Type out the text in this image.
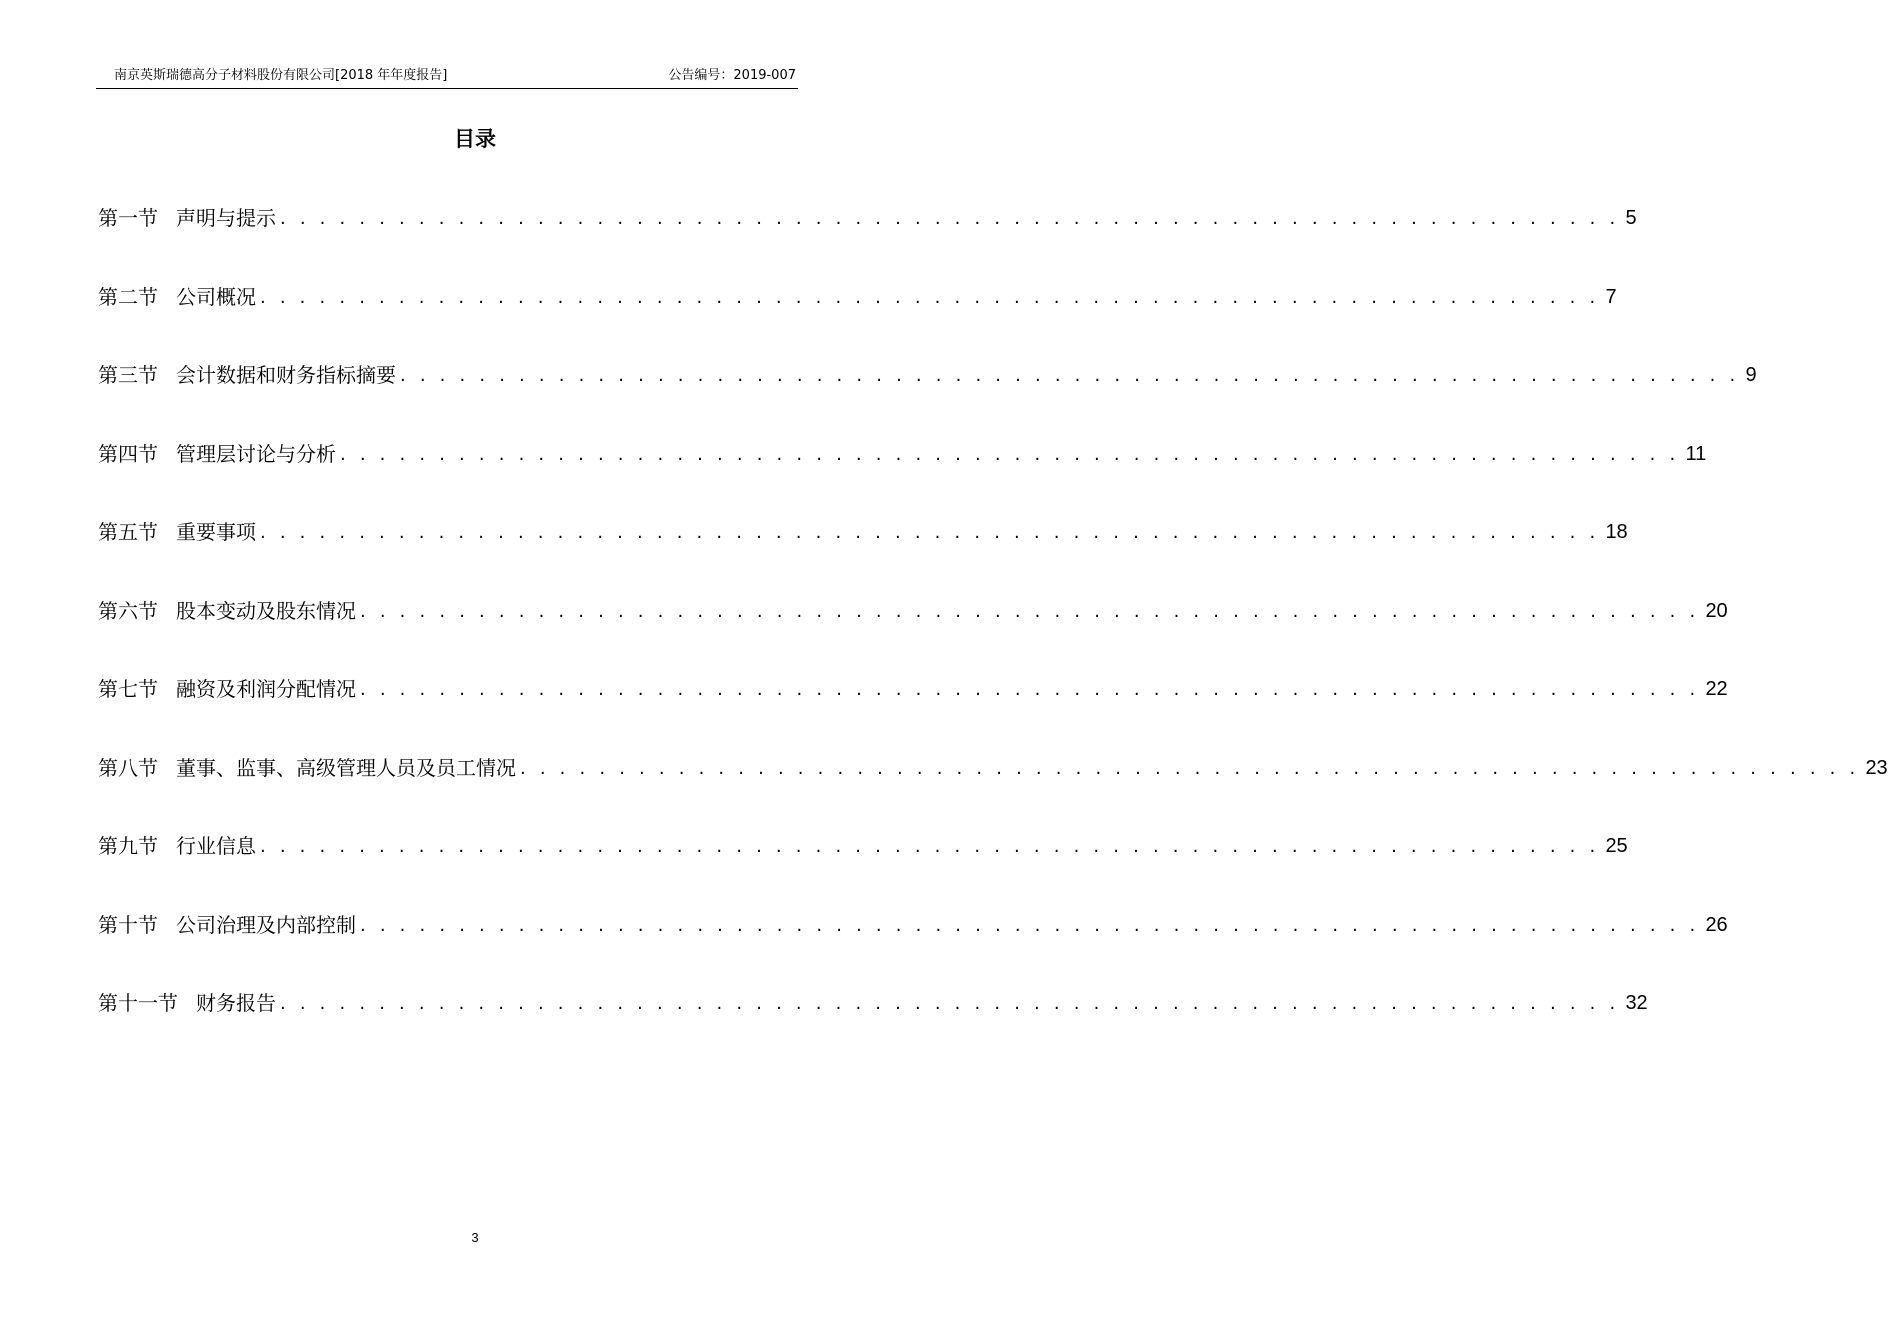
南京英斯瑞德高分子材料股份有限公司[2018 年年度报告]	公告编号：2019-007
目录
第一节 声明与提示 . . . . . . . . . . . . . . . . . . . . . . . . . . . . . . . . . . . . . . . . . . . . . . . . . . . . . . . . . . . . . . . . . . . . 5
第二节 公司概况 . . . . . . . . . . . . . . . . . . . . . . . . . . . . . . . . . . . . . . . . . . . . . . . . . . . . . . . . . . . . . . . . . . . . 7
第三节 会计数据和财务指标摘要 . . . . . . . . . . . . . . . . . . . . . . . . . . . . . . . . . . . . . . . . . . . . . . . . . . . . . . . . . . . . . . . . . . . . 9
第四节 管理层讨论与分析 . . . . . . . . . . . . . . . . . . . . . . . . . . . . . . . . . . . . . . . . . . . . . . . . . . . . . . . . . . . . . . . . . . . . 11
第五节 重要事项 . . . . . . . . . . . . . . . . . . . . . . . . . . . . . . . . . . . . . . . . . . . . . . . . . . . . . . . . . . . . . . . . . . . . 18
第六节 股本变动及股东情况 . . . . . . . . . . . . . . . . . . . . . . . . . . . . . . . . . . . . . . . . . . . . . . . . . . . . . . . . . . . . . . . . . . . . 20
第七节 融资及利润分配情况 . . . . . . . . . . . . . . . . . . . . . . . . . . . . . . . . . . . . . . . . . . . . . . . . . . . . . . . . . . . . . . . . . . . . 22
第八节 董事、监事、高级管理人员及员工情况 . . . . . . . . . . . . . . . . . . . . . . . . . . . . . . . . . . . . . . . . . . . . . . . . . . . . . . . . . . . . . . . . . . . . 23
第九节 行业信息 . . . . . . . . . . . . . . . . . . . . . . . . . . . . . . . . . . . . . . . . . . . . . . . . . . . . . . . . . . . . . . . . . . . . 25
第十节 公司治理及内部控制 . . . . . . . . . . . . . . . . . . . . . . . . . . . . . . . . . . . . . . . . . . . . . . . . . . . . . . . . . . . . . . . . . . . . 26
第十一节 财务报告 . . . . . . . . . . . . . . . . . . . . . . . . . . . . . . . . . . . . . . . . . . . . . . . . . . . . . . . . . . . . . . . . . . . . 32
3
